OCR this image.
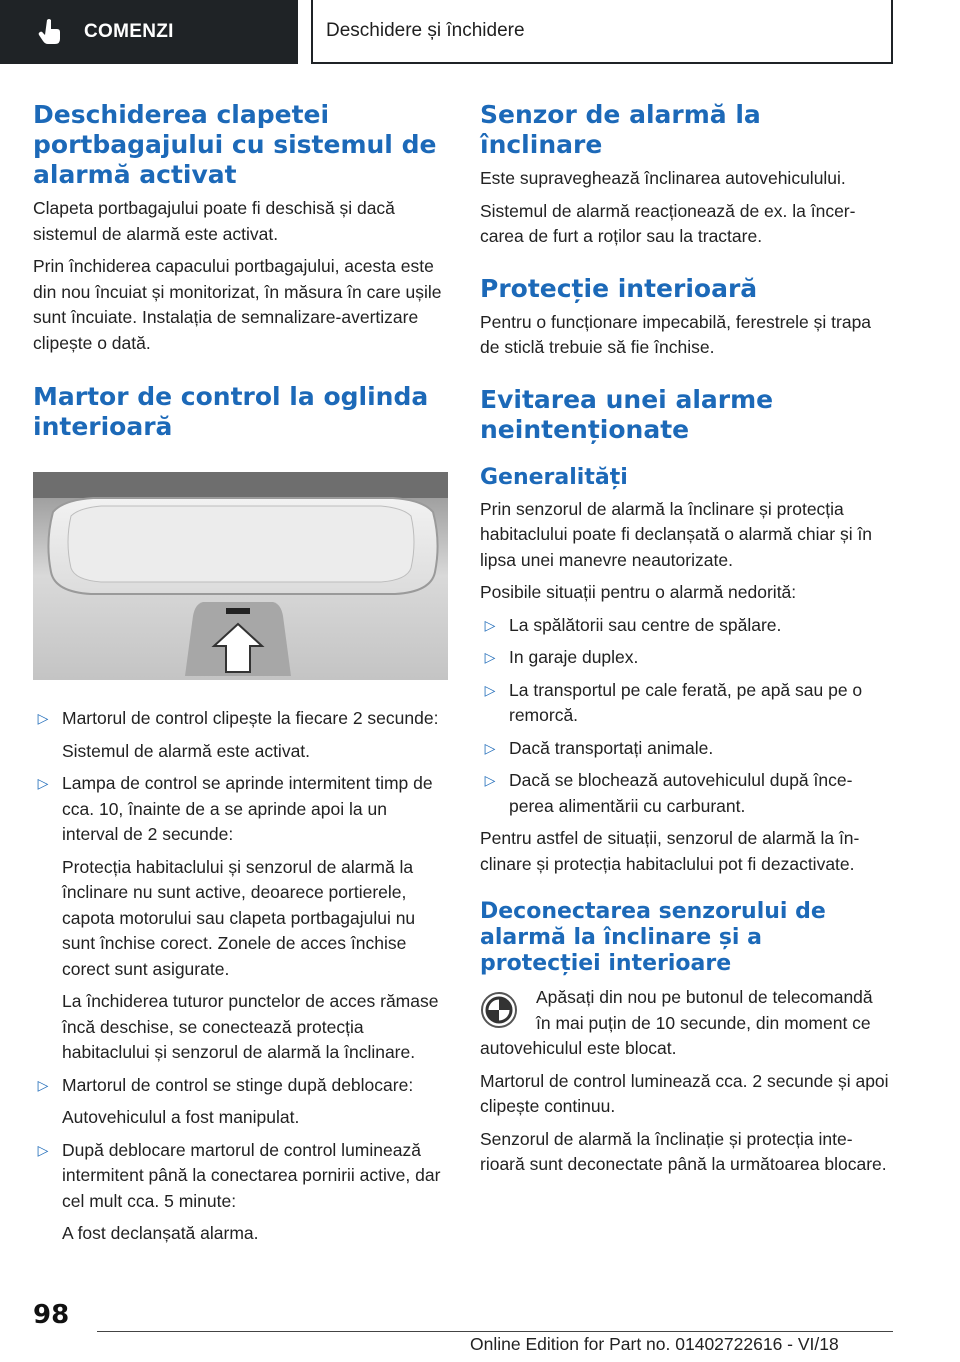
COMENZI	Deschidere și închidere
Deschiderea clapetei portbagajului cu sistemul de alarmă activat

Clapeta portbagajului poate fi deschisă și dacă sistemul de alarmă este activat.

Prin închiderea capacului portbagajului, acesta este din nou încuiat și monitorizat, în măsura în care ușile sunt încuiate. Instalația de semnalizare-avertizare clipește o dată.

Martor de control la oglinda interioară
▷ Martorul de control clipește la fiecare 2 secunde:

Sistemul de alarmă este activat.

▷ Lampa de control se aprinde intermitent timp de cca. 10, înainte de a se aprinde apoi la un interval de 2 secunde:

Protecția habitaclului și senzorul de alarmă la înclinare nu sunt active, deoarece portierele, capota motorului sau clapeta portbagajului nu sunt închise corect. Zonele de acces închise corect sunt asigurate.

La închiderea tuturor punctelor de acces rămase încă deschise, se conectează protecția habitaclului și senzorul de alarmă la înclinare.

▷ Martorul de control se stinge după deblocare:

Autovehiculul a fost manipulat.

▷ După deblocare martorul de control luminează intermitent până la conectarea pornirii active, dar cel mult cca. 5 minute:

A fost declanșată alarma.

Senzor de alarmă la înclinare

Este supraveghează înclinarea autovehiculului.

Sistemul de alarmă reacționează de ex. la încercarea de furt a roților sau la tractare.

Protecție interioară

Pentru o funcționare impecabilă, ferestrele și trapa de sticlă trebuie să fie închise.

Evitarea unei alarme neintenționate
Generalități

Prin senzorul de alarmă la înclinare și protecția habitaclului poate fi declanșată o alarmă chiar și în lipsa unei manevre neautorizate.

Posibile situații pentru o alarmă nedorită:

▷ La spălătorii sau centre de spălare.
▷ In garaje duplex.
▷ La transportul pe cale ferată, pe apă sau pe o remorcă.
▷ Dacă transportați animale.
▷ Dacă se blochează autovehiculul după începerea alimentării cu carburant.

Pentru astfel de situații, senzorul de alarmă la înclinare și protecția habitaclului pot fi dezactivate.

Deconectarea senzorului de alarmă la înclinare și a protecției interioare

Apăsați din nou pe butonul de telecomandă în mai puțin de 10 secunde, din moment ce autovehiculul este blocat.

Martorul de control luminează cca. 2 secunde și apoi clipește continuu.

Senzorul de alarmă la înclinație și protecția interioară sunt deconectate până la următoarea blocare.

98
Online Edition for Part no. 01402722616 - VI/18
